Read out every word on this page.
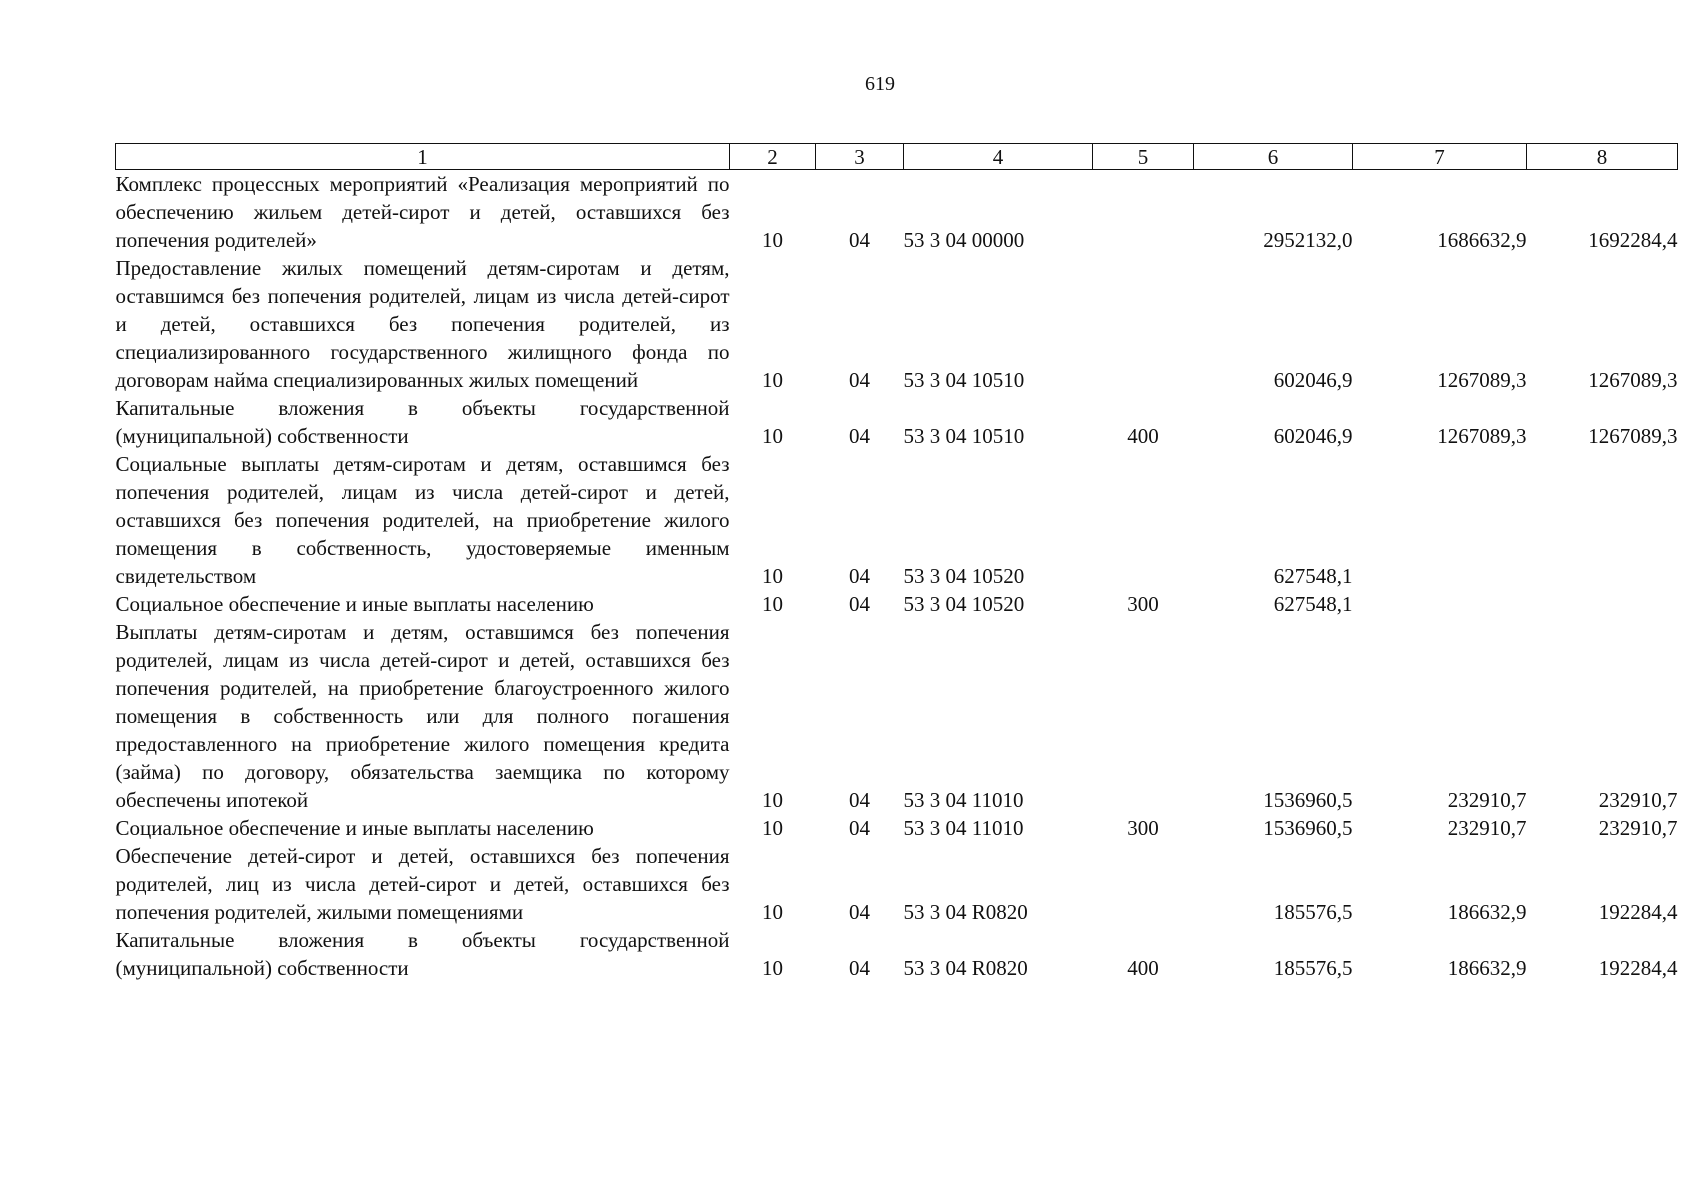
619
1	2	3	4	5	6	7	8
Комплекс процессных мероприятий «Реализация мероприятий по обеспечению жильем детей-сирот и детей, оставшихся без попечения родителей»	10	04	53 3 04 00000		2952132,0	1686632,9	1692284,4
Предоставление жилых помещений детям-сиротам и детям, оставшимся без попечения родителей, лицам из числа детей-сирот и детей, оставшихся без попечения родителей, из специализированного государственного жилищного фонда по договорам найма специализированных жилых помещений	10	04	53 3 04 10510		602046,9	1267089,3	1267089,3
Капитальные вложения в объекты государственной (муниципальной) собственности	10	04	53 3 04 10510	400	602046,9	1267089,3	1267089,3
Социальные выплаты детям-сиротам и детям, оставшимся без попечения родителей, лицам из числа детей-сирот и детей, оставшихся без попечения родителей, на приобретение жилого помещения в собственность, удостоверяемые именным свидетельством	10	04	53 3 04 10520		627548,1		
Социальное обеспечение и иные выплаты населению	10	04	53 3 04 10520	300	627548,1		
Выплаты детям-сиротам и детям, оставшимся без попечения родителей, лицам из числа детей-сирот и детей, оставшихся без попечения родителей, на приобретение благоустроенного жилого помещения в собственность или для полного погашения предоставленного на приобретение жилого помещения кредита (займа) по договору, обязательства заемщика по которому обеспечены ипотекой	10	04	53 3 04 11010		1536960,5	232910,7	232910,7
Социальное обеспечение и иные выплаты населению	10	04	53 3 04 11010	300	1536960,5	232910,7	232910,7
Обеспечение детей-сирот и детей, оставшихся без попечения родителей, лиц из числа детей-сирот и детей, оставшихся без попечения родителей, жилыми помещениями	10	04	53 3 04 R0820		185576,5	186632,9	192284,4
Капитальные вложения в объекты государственной (муниципальной) собственности	10	04	53 3 04 R0820	400	185576,5	186632,9	192284,4
